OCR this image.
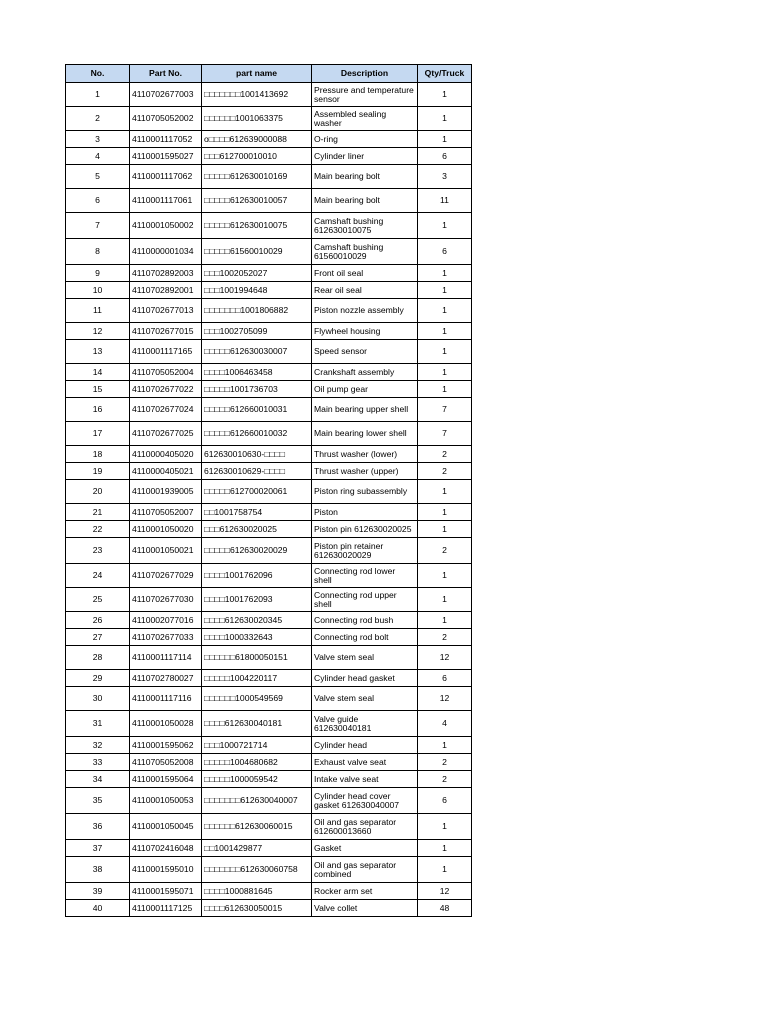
No.	Part No.	part name	Description	Qty/Truck
1	4110702677003	□□□□□□□1001413692	Pressure and temperature sensor	1
2	4110705052002	□□□□□□1001063375	Assembled sealing washer	1
3	4110001117052	o□□□□612639000088	O-ring	1
4	4110001595027	□□□612700010010	Cylinder liner	6
5	4110001117062	□□□□□612630010169	Main bearing bolt	3
6	4110001117061	□□□□□612630010057	Main bearing bolt	11
7	4110001050002	□□□□□612630010075	Camshaft bushing 612630010075	1
8	4110000001034	□□□□□61560010029	Camshaft bushing 61560010029	6
9	4110702892003	□□□1002052027	Front oil seal	1
10	4110702892001	□□□1001994648	Rear oil seal	1
11	4110702677013	□□□□□□□1001806882	Piston nozzle assembly	1
12	4110702677015	□□□1002705099	Flywheel housing	1
13	4110001117165	□□□□□612630030007	Speed sensor	1
14	4110705052004	□□□□1006463458	Crankshaft assembly	1
15	4110702677022	□□□□□1001736703	Oil pump gear	1
16	4110702677024	□□□□□612660010031	Main bearing upper shell	7
17	4110702677025	□□□□□612660010032	Main bearing lower shell	7
18	4110000405020	612630010630-□□□□	Thrust washer (lower)	2
19	4110000405021	612630010629-□□□□	Thrust washer (upper)	2
20	4110001939005	□□□□□612700020061	Piston ring subassembly	1
21	4110705052007	□□1001758754	Piston	1
22	4110001050020	□□□612630020025	Piston pin 612630020025	1
23	4110001050021	□□□□□612630020029	Piston pin retainer 612630020029	2
24	4110702677029	□□□□1001762096	Connecting rod lower shell	1
25	4110702677030	□□□□1001762093	Connecting rod upper shell	1
26	4110002077016	□□□□612630020345	Connecting rod bush	1
27	4110702677033	□□□□1000332643	Connecting rod bolt	2
28	4110001117114	□□□□□□61800050151	Valve stem seal	12
29	4110702780027	□□□□□1004220117	Cylinder head gasket	6
30	4110001117116	□□□□□□1000549569	Valve stem seal	12
31	4110001050028	□□□□612630040181	Valve guide 612630040181	4
32	4110001595062	□□□1000721714	Cylinder head	1
33	4110705052008	□□□□□1004680682	Exhaust valve seat	2
34	4110001595064	□□□□□1000059542	Intake valve seat	2
35	4110001050053	□□□□□□□612630040007	Cylinder head cover gasket 612630040007	6
36	4110001050045	□□□□□□612630060015	Oil and gas separator 612600013660	1
37	4110702416048	□□1001429877	Gasket	1
38	4110001595010	□□□□□□□612630060758	Oil and gas separator combined	1
39	4110001595071	□□□□1000881645	Rocker arm set	12
40	4110001117125	□□□□612630050015	Valve collet	48
